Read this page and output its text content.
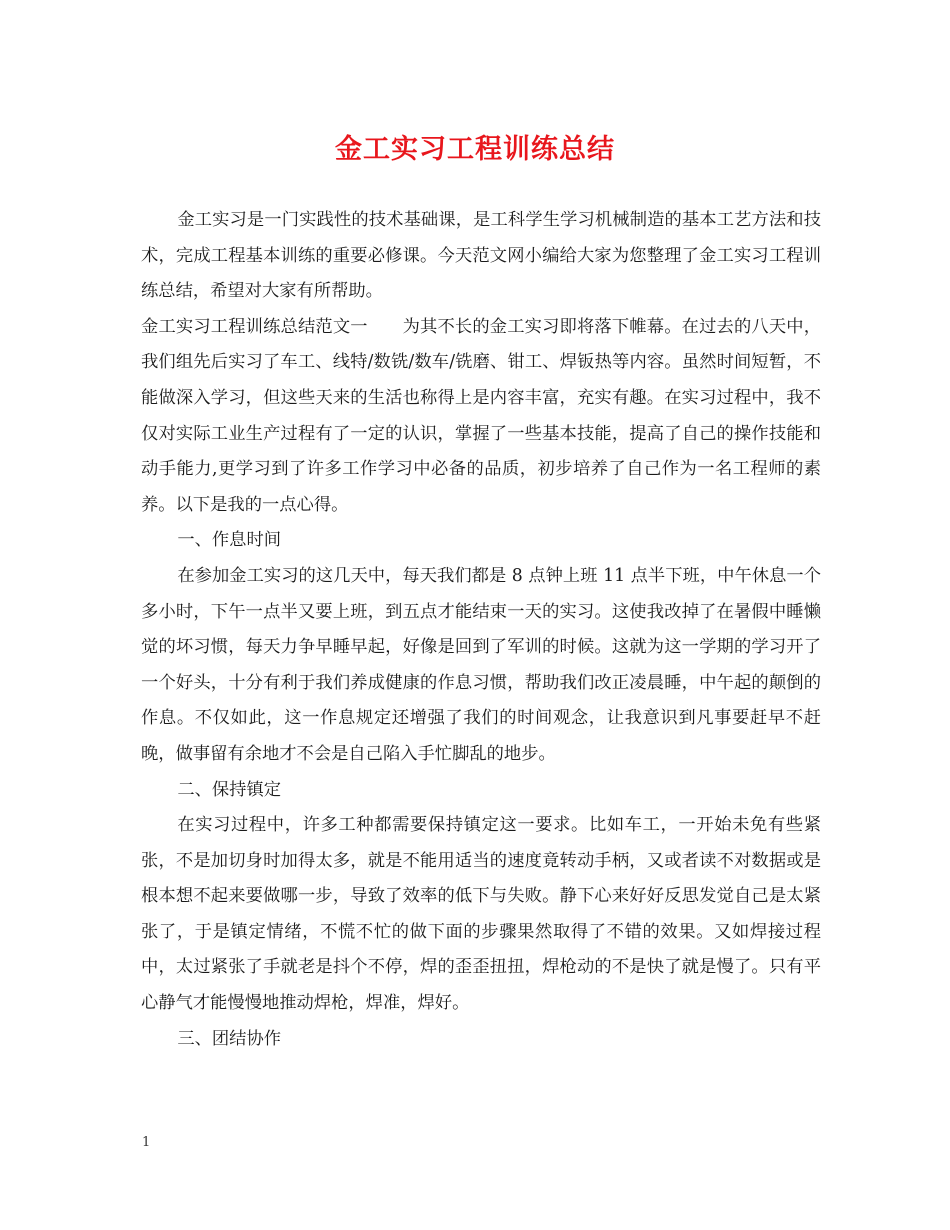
金工实习工程训练总结

金工实习是一门实践性的技术基础课，是工科学生学习机械制造的基本工艺方法和技术，完成工程基本训练的重要必修课。今天范文网小编给大家为您整理了金工实习工程训练总结，希望对大家有所帮助。

金工实习工程训练总结范文一　　为其不长的金工实习即将落下帷幕。在过去的八天中，我们组先后实习了车工、线特/数铣/数车/铣磨、钳工、焊钣热等内容。虽然时间短暂，不能做深入学习，但这些天来的生活也称得上是内容丰富，充实有趣。在实习过程中，我不仅对实际工业生产过程有了一定的认识，掌握了一些基本技能，提高了自己的操作技能和动手能力,更学习到了许多工作学习中必备的品质，初步培养了自己作为一名工程师的素养。以下是我的一点心得。

一、作息时间

在参加金工实习的这几天中，每天我们都是 8 点钟上班 11 点半下班，中午休息一个多小时，下午一点半又要上班，到五点才能结束一天的实习。这使我改掉了在暑假中睡懒觉的坏习惯，每天力争早睡早起，好像是回到了军训的时候。这就为这一学期的学习开了一个好头，十分有利于我们养成健康的作息习惯，帮助我们改正凌晨睡，中午起的颠倒的作息。不仅如此，这一作息规定还增强了我们的时间观念，让我意识到凡事要赶早不赶晚，做事留有余地才不会是自己陷入手忙脚乱的地步。

二、保持镇定

在实习过程中，许多工种都需要保持镇定这一要求。比如车工，一开始未免有些紧张，不是加切身时加得太多，就是不能用适当的速度竟转动手柄，又或者读不对数据或是根本想不起来要做哪一步，导致了效率的低下与失败。静下心来好好反思发觉自己是太紧张了，于是镇定情绪，不慌不忙的做下面的步骤果然取得了不错的效果。又如焊接过程中，太过紧张了手就老是抖个不停，焊的歪歪扭扭，焊枪动的不是快了就是慢了。只有平心静气才能慢慢地推动焊枪，焊准，焊好。

三、团结协作

1
